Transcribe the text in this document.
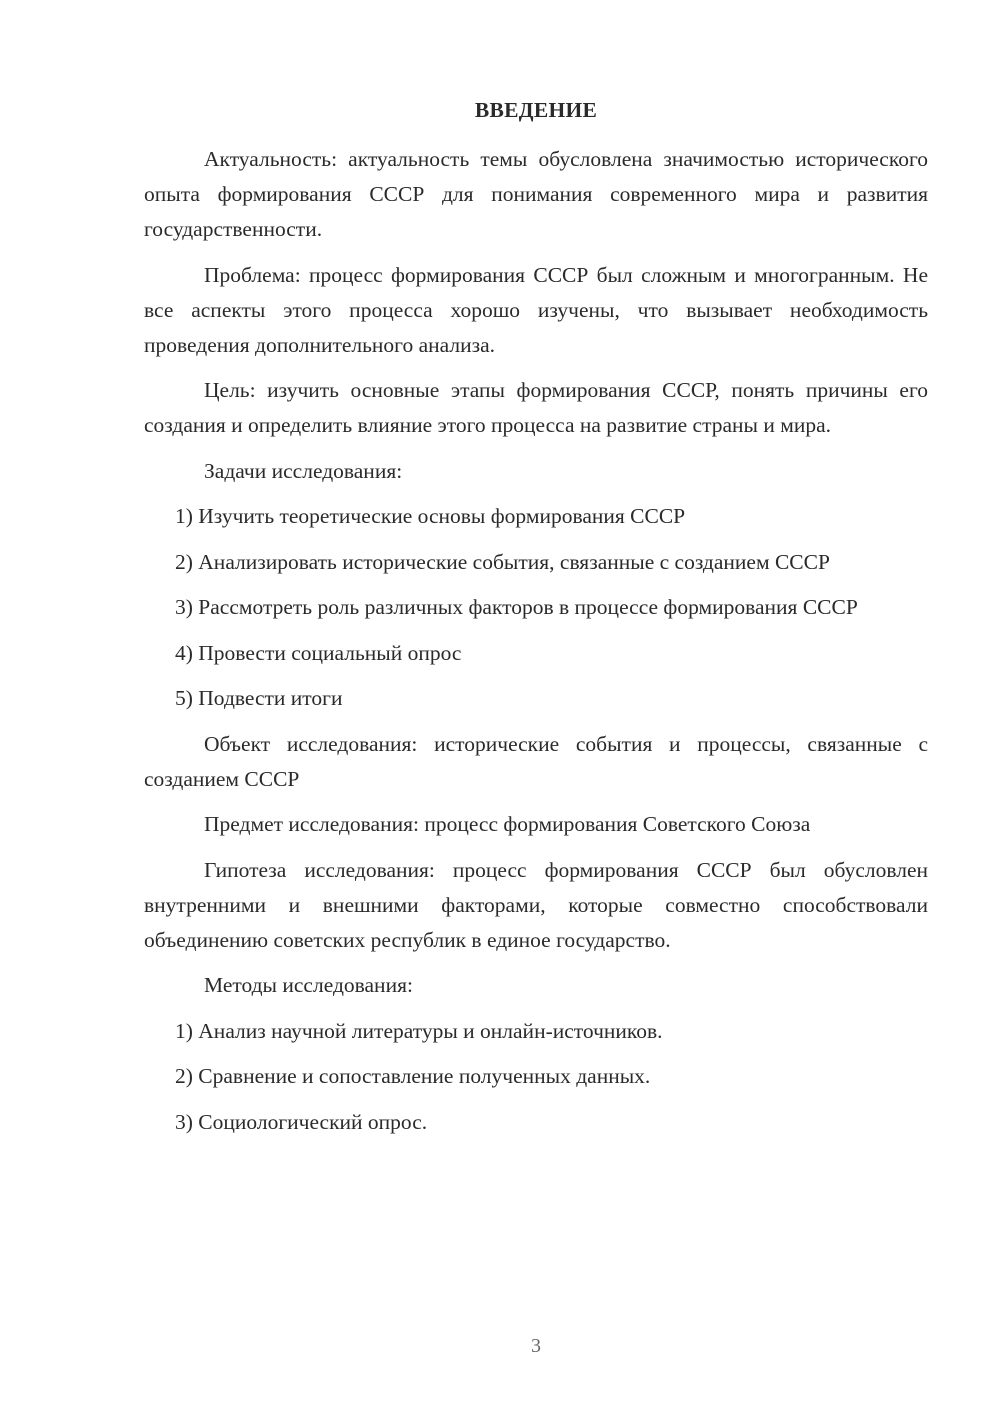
ВВЕДЕНИЕ

Актуальность: актуальность темы обусловлена значимостью исторического опыта формирования СССР для понимания современного мира и развития государственности.

Проблема: процесс формирования СССР был сложным и многогранным. Не все аспекты этого процесса хорошо изучены, что вызывает необходимость проведения дополнительного анализа.

Цель: изучить основные этапы формирования СССР, понять причины его создания и определить влияние этого процесса на развитие страны и мира.

Задачи исследования:

1) Изучить теоретические основы формирования СССР

2) Анализировать исторические события, связанные с созданием СССР

3) Рассмотреть роль различных факторов в процессе формирования СССР

4) Провести социальный опрос

5) Подвести итоги

Объект исследования: исторические события и процессы, связанные с созданием СССР

Предмет исследования: процесс формирования Советского Союза

Гипотеза исследования: процесс формирования СССР был обусловлен внутренними и внешними факторами, которые совместно способствовали объединению советских республик в единое государство.

Методы исследования:

1) Анализ научной литературы и онлайн-источников.

2) Сравнение и сопоставление полученных данных.

3) Социологический опрос.

3
